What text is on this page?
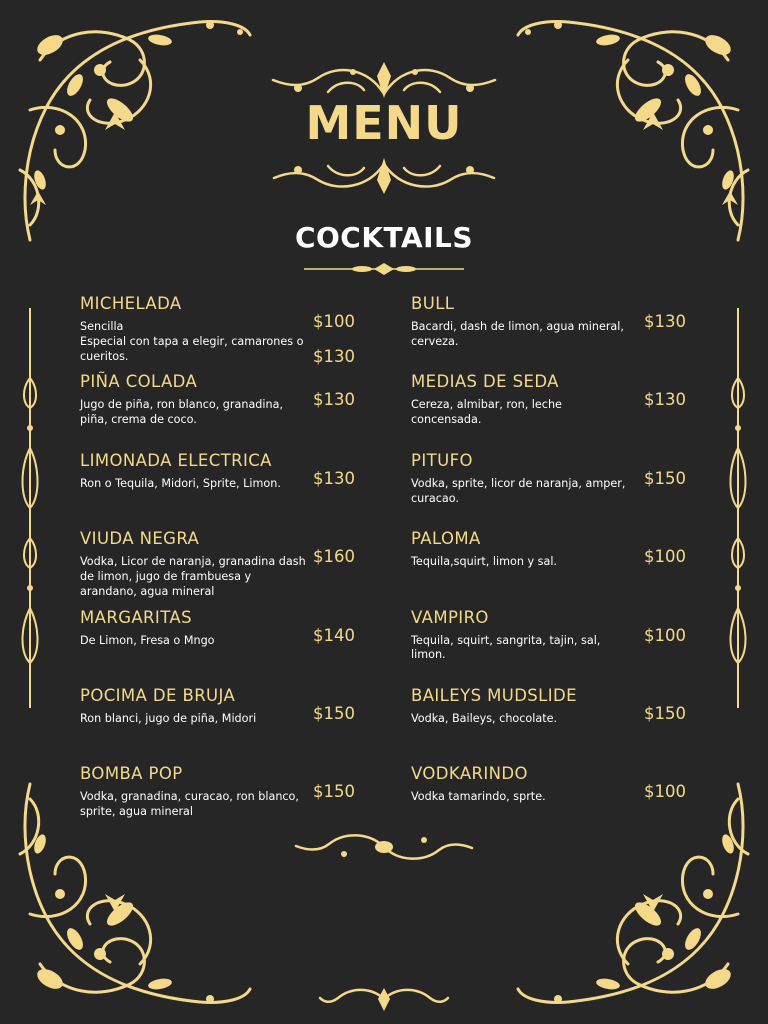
MENU
COCKTAILS
MICHELADA
Sencilla
Especial con tapa a elegir, camarones o cueritos.
$100
$130
PIÑA COLADA
Jugo de piña, ron blanco, granadina, piña, crema de coco.
$130
LIMONADA ELECTRICA
Ron o Tequila, Midori, Sprite, Limon.	$130
VIUDA NEGRA
Vodka, Licor de naranja, granadina dash de limon, jugo de frambuesa y arandano, agua mineral
$160
MARGARITAS
De Limon, Fresa o Mngo	$140
POCIMA DE BRUJA
Ron blanci, jugo de piña, Midori	$150
BOMBA POP
Vodka, granadina, curacao, ron blanco, sprite, agua mineral
$150
BULL
Bacardi, dash de limon, agua mineral, cerveza.
$130
MEDIAS DE SEDA
Cereza, almibar, ron, leche concensada.
$130
PITUFO
Vodka, sprite, licor de naranja, amper, curacao.
$150
PALOMA
Tequila,squirt, limon y sal.	$100
VAMPIRO
Tequila, squirt, sangrita, tajin, sal, limon.
$100
BAILEYS MUDSLIDE
Vodka, Baileys, chocolate.	$150
VODKARINDO
Vodka tamarindo, sprte.	$100
